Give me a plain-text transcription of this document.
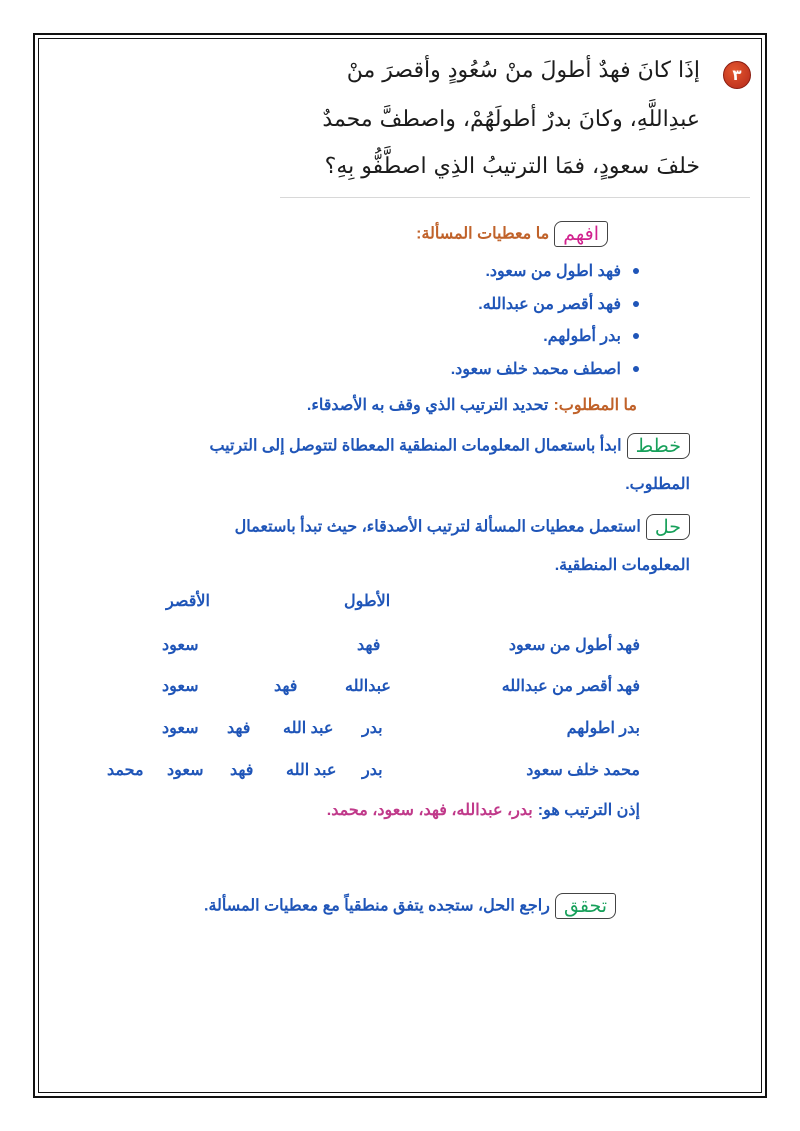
٣
إذَا كانَ فهدٌ أطولَ منْ سُعُودٍ وأقصرَ منْ
عبدِاللَّهِ، وكانَ بدرٌ أطولَهُمْ، واصطفَّ محمدٌ
خلفَ سعودٍ، فمَا الترتيبُ الذِي اصطَّفُّو بِهِ؟
افهم ما معطيات المسألة:
فهد اطول من سعود.
فهد أقصر من عبدالله.
بدر أطولهم.
اصطف محمد خلف سعود.
ما المطلوب: تحديد الترتيب الذي وقف به الأصدقاء.
خطط ابدأ باستعمال المعلومات المنطقية المعطاة لتتوصل إلى الترتيب
المطلوب.
حل استعمل معطيات المسألة لترتيب الأصدقاء، حيث تبدأ باستعمال
المعلومات المنطقية.
الأطول
الأقصر
فهد أطول من سعود
فهد
سعود
فهد أقصر من عبدالله
عبدالله
فهد
سعود
بدر اطولهم
بدر
عبد الله
فهد
سعود
محمد خلف سعود
بدر
عبد الله
فهد
سعود
محمد
إذن الترتيب هو: بدر، عبدالله، فهد، سعود، محمد.
تحقق راجع الحل، ستجده يتفق منطقياً مع معطيات المسألة.
